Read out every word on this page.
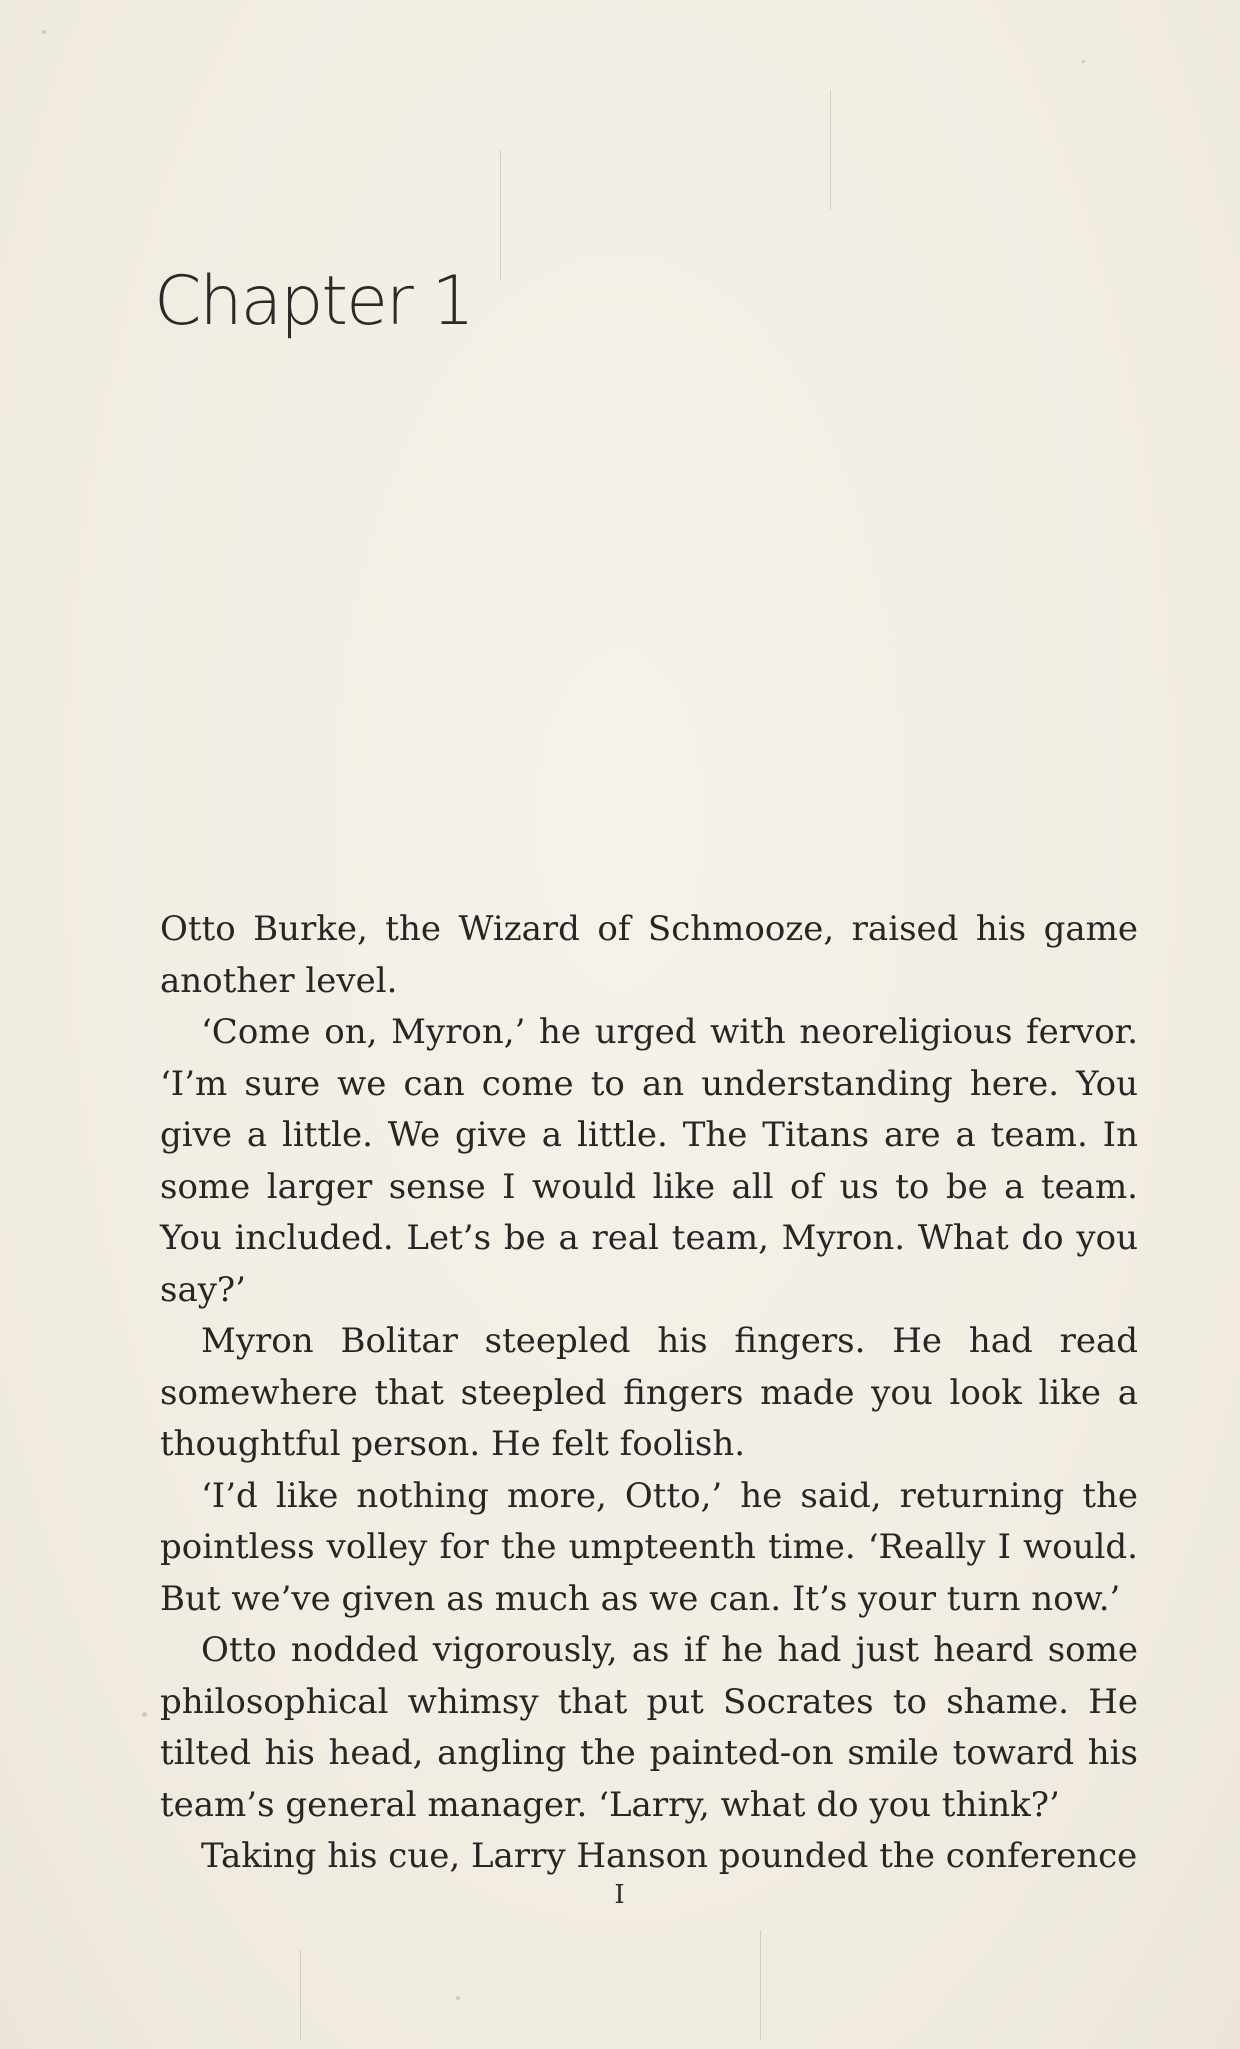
Chapter 1

Otto Burke, the Wizard of Schmooze, raised his game another level.

‘Come on, Myron,’ he urged with neoreligious fervor. ‘I’m sure we can come to an understanding here. You give a little. We give a little. The Titans are a team. In some larger sense I would like all of us to be a team. You included. Let’s be a real team, Myron. What do you say?’

Myron Bolitar steepled his fingers. He had read somewhere that steepled fingers made you look like a thoughtful person. He felt foolish.

‘I’d like nothing more, Otto,’ he said, returning the pointless volley for the umpteenth time. ‘Really I would. But we’ve given as much as we can. It’s your turn now.’

Otto nodded vigorously, as if he had just heard some philosophical whimsy that put Socrates to shame. He tilted his head, angling the painted-on smile toward his team’s general manager. ‘Larry, what do you think?’

Taking his cue, Larry Hanson pounded the conference

I
